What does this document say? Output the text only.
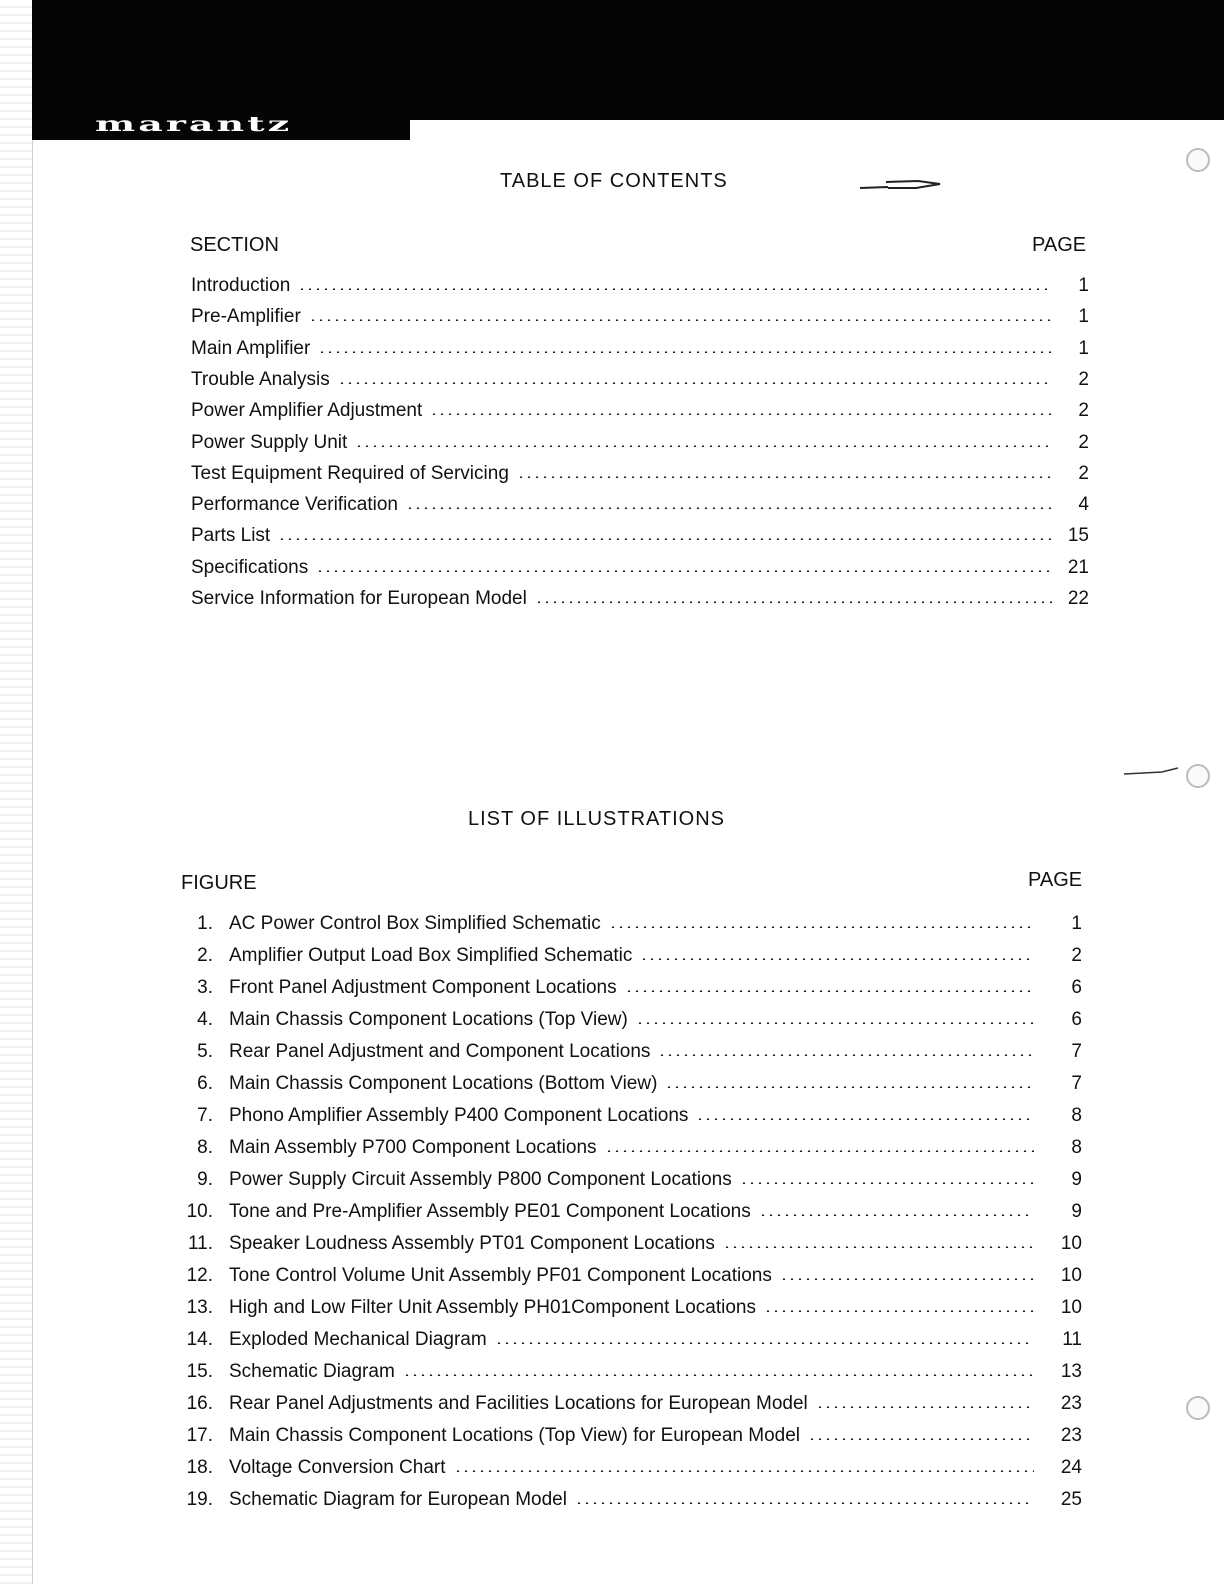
marantz
TABLE OF CONTENTS
SECTION	PAGE
Introduction	1
Pre-Amplifier	1
Main Amplifier	1
Trouble Analysis	2
Power Amplifier Adjustment	2
Power Supply Unit	2
Test Equipment Required of Servicing	2
Performance Verification	4
Parts List	15
Specifications	21
Service Information for European Model	22
LIST OF ILLUSTRATIONS
FIGURE	PAGE
1. AC Power Control Box Simplified Schematic	1
2. Amplifier Output Load Box Simplified Schematic	2
3. Front Panel Adjustment Component Locations	6
4. Main Chassis Component Locations (Top View)	6
5. Rear Panel Adjustment and Component Locations	7
6. Main Chassis Component Locations (Bottom View)	7
7. Phono Amplifier Assembly P400 Component Locations	8
8. Main Assembly P700 Component Locations	8
9. Power Supply Circuit Assembly P800 Component Locations	9
10. Tone and Pre-Amplifier Assembly PE01 Component Locations	9
11. Speaker Loudness Assembly PT01 Component Locations	10
12. Tone Control Volume Unit Assembly PF01 Component Locations	10
13. High and Low Filter Unit Assembly PH01Component Locations	10
14. Exploded Mechanical Diagram	11
15. Schematic Diagram	13
16. Rear Panel Adjustments and Facilities Locations for European Model	23
17. Main Chassis Component Locations (Top View) for European Model	23
18. Voltage Conversion Chart	24
19. Schematic Diagram for European Model	25
